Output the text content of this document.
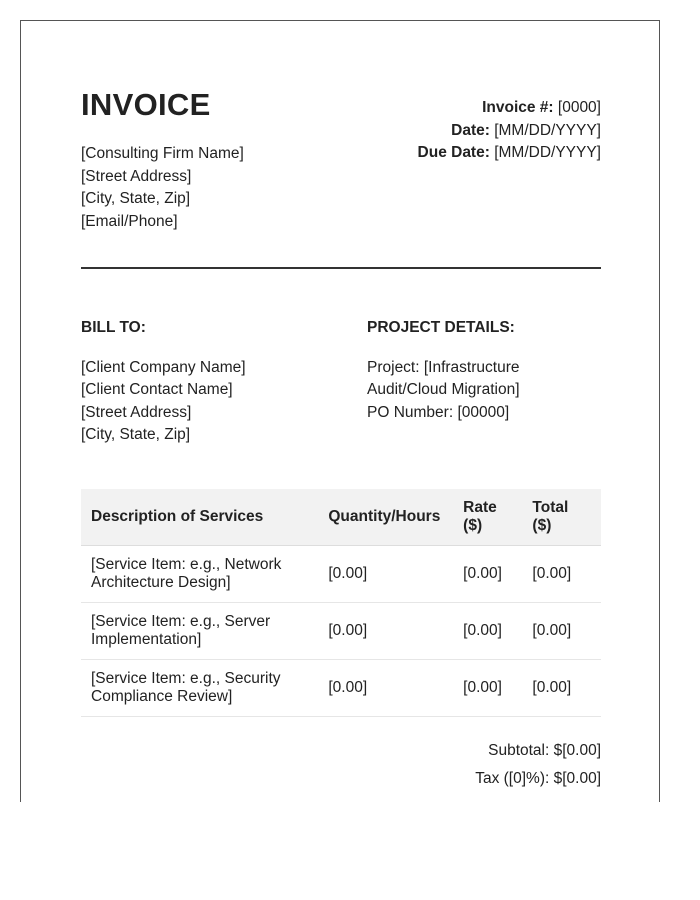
INVOICE
[Consulting Firm Name]
[Street Address]
[City, State, Zip]
[Email/Phone]
Invoice #: [0000]
Date: [MM/DD/YYYY]
Due Date: [MM/DD/YYYY]
BILL TO:
[Client Company Name]
[Client Contact Name]
[Street Address]
[City, State, Zip]
PROJECT DETAILS:
Project: [Infrastructure Audit/Cloud Migration]
PO Number: [00000]
Description of Services	Quantity/Hours	Rate ($)	Total ($)
[Service Item: e.g., Network Architecture Design]	[0.00]	[0.00]	[0.00]
[Service Item: e.g., Server Implementation]	[0.00]	[0.00]	[0.00]
[Service Item: e.g., Security Compliance Review]	[0.00]	[0.00]	[0.00]
Subtotal: $[0.00]
Tax ([0]%): $[0.00]
